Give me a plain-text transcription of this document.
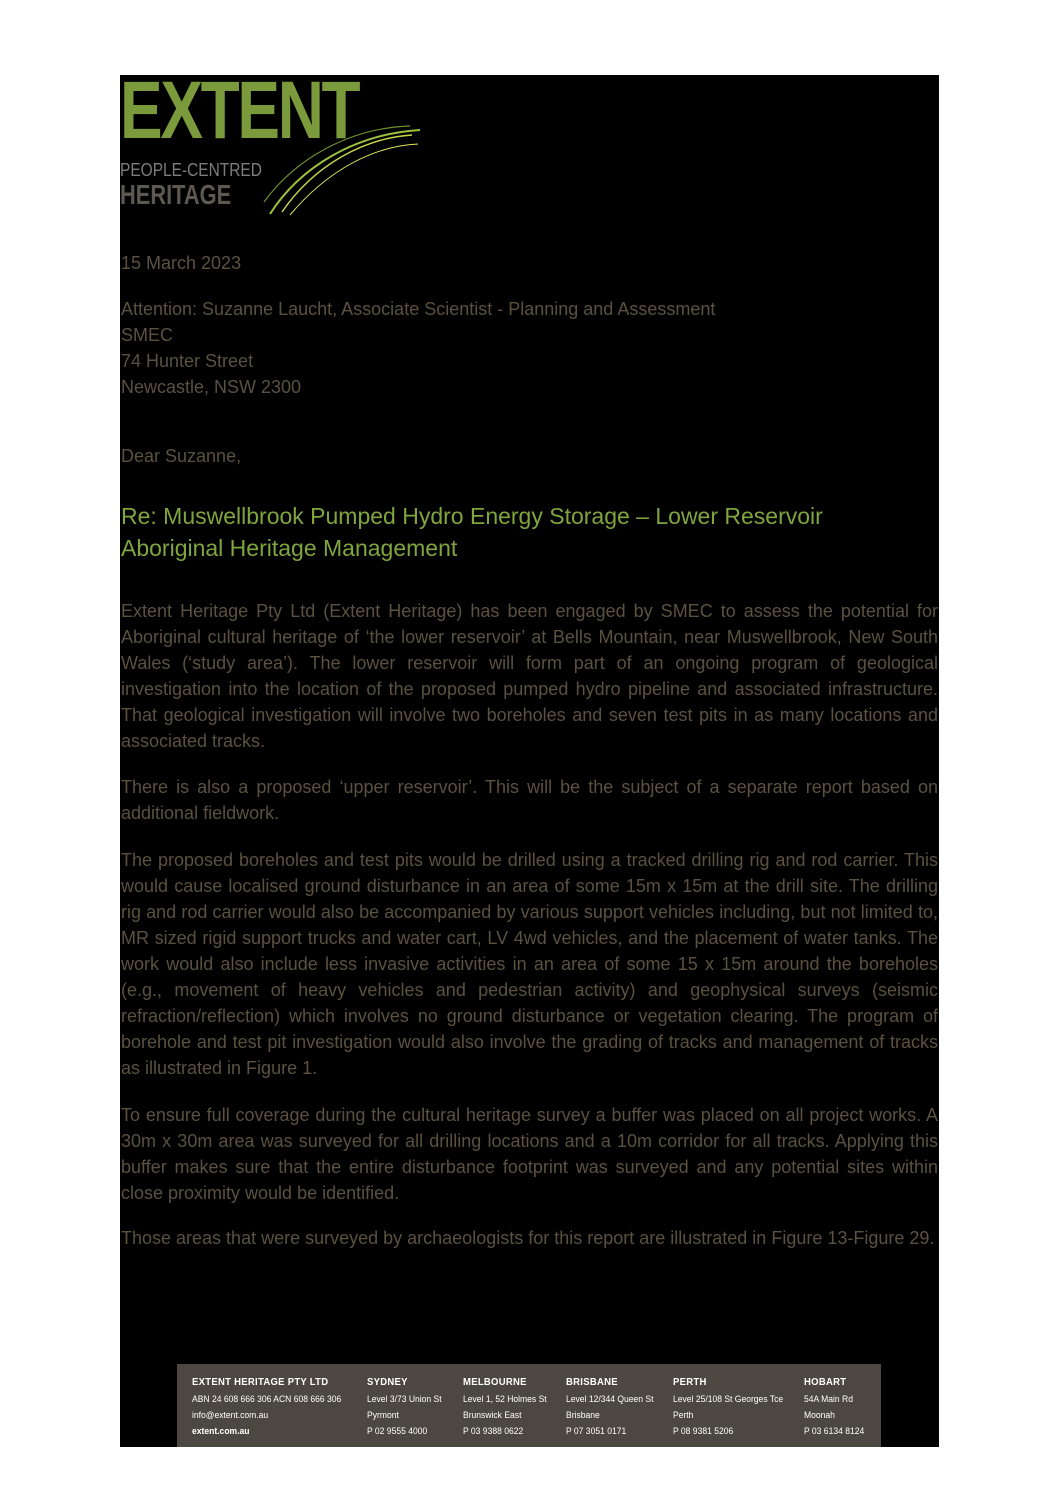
EXTENT
PEOPLE-CENTRED
HERITAGE
15 March 2023
Attention: Suzanne Laucht, Associate Scientist - Planning and Assessment
SMEC
74 Hunter Street
Newcastle, NSW 2300
Dear Suzanne,
Re: Muswellbrook Pumped Hydro Energy Storage – Lower Reservoir
Aboriginal Heritage Management
Extent Heritage Pty Ltd (Extent Heritage) has been engaged by SMEC to assess the potential for Aboriginal cultural heritage of ‘the lower reservoir’ at Bells Mountain, near Muswellbrook, New South Wales (‘study area’). The lower reservoir will form part of an ongoing program of geological investigation into the location of the proposed pumped hydro pipeline and associated infrastructure. That geological investigation will involve two boreholes and seven test pits in as many locations and associated tracks.
There is also a proposed ‘upper reservoir’. This will be the subject of a separate report based on additional fieldwork.
The proposed boreholes and test pits would be drilled using a tracked drilling rig and rod carrier. This would cause localised ground disturbance in an area of some 15m x 15m at the drill site. The drilling rig and rod carrier would also be accompanied by various support vehicles including, but not limited to, MR sized rigid support trucks and water cart, LV 4wd vehicles, and the placement of water tanks. The work would also include less invasive activities in an area of some 15 x 15m around the boreholes (e.g., movement of heavy vehicles and pedestrian activity) and geophysical surveys (seismic refraction/reflection) which involves no ground disturbance or vegetation clearing. The program of borehole and test pit investigation would also involve the grading of tracks and management of tracks as illustrated in Figure 1.
To ensure full coverage during the cultural heritage survey a buffer was placed on all project works. A 30m x 30m area was surveyed for all drilling locations and a 10m corridor for all tracks. Applying this buffer makes sure that the entire disturbance footprint was surveyed and any potential sites within close proximity would be identified.
Those areas that were surveyed by archaeologists for this report are illustrated in Figure 13-Figure 29.
EXTENT HERITAGE PTY LTD
ABN 24 608 666 306 ACN 608 666 306
info@extent.com.au
extent.com.au
SYDNEY
Level 3/73 Union St
Pyrmont
P 02 9555 4000
MELBOURNE
Level 1, 52 Holmes St
Brunswick East
P 03 9388 0622
BRISBANE
Level 12/344 Queen St
Brisbane
P 07 3051 0171
PERTH
Level 25/108 St Georges Tce
Perth
P 08 9381 5206
HOBART
54A Main Rd
Moonah
P 03 6134 8124
